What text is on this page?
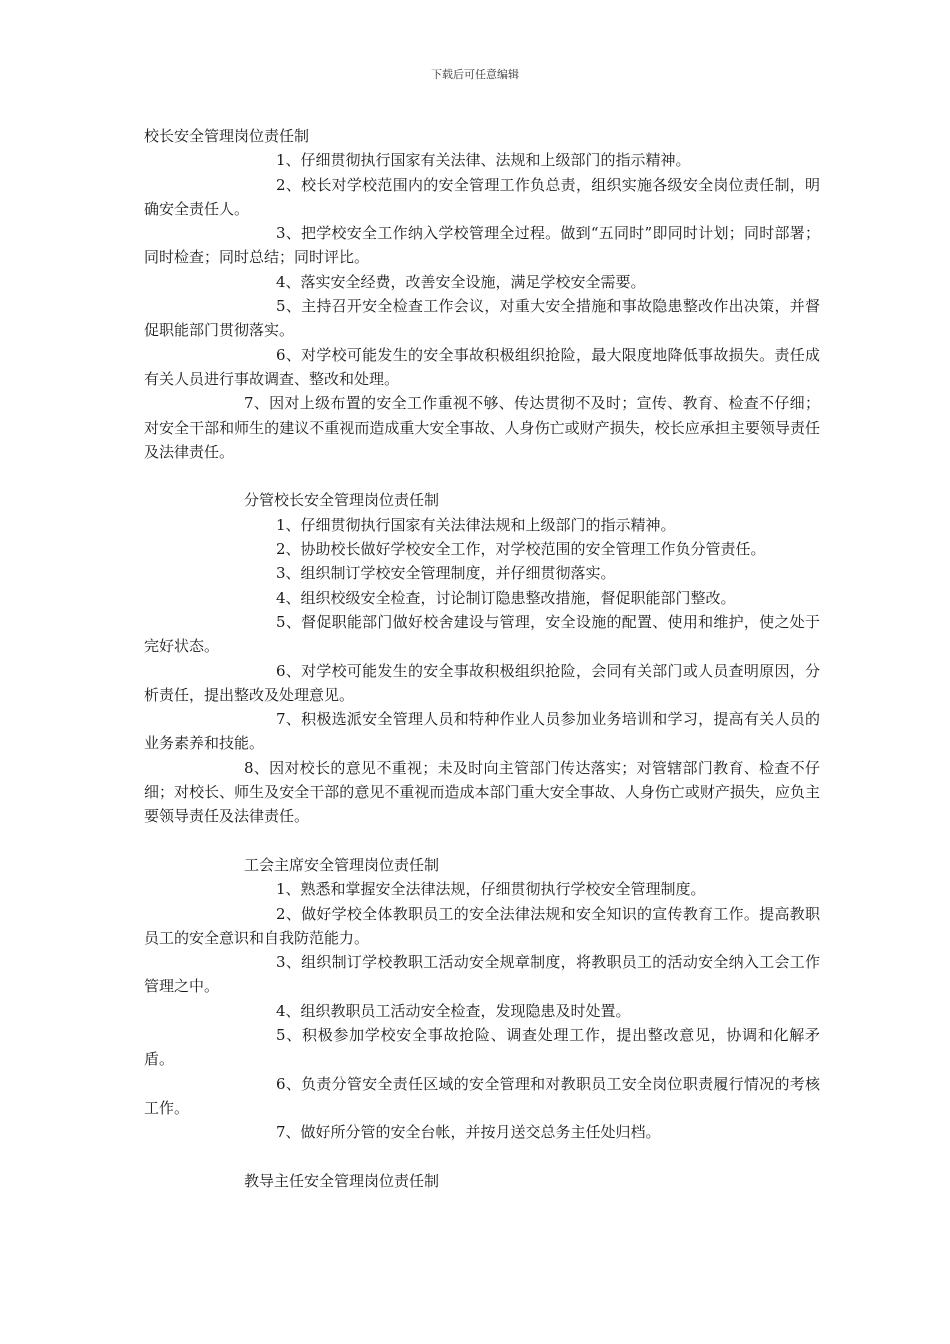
下载后可任意编辑
校长安全管理岗位责任制

1、仔细贯彻执行国家有关法律、法规和上级部门的指示精神。

2、校长对学校范围内的安全管理工作负总责，组织实施各级安全岗位责任制，明确安全责任人。

3、把学校安全工作纳入学校管理全过程。做到“五同时”即同时计划；同时部署；同时检查；同时总结；同时评比。

4、落实安全经费，改善安全设施，满足学校安全需要。

5、主持召开安全检查工作会议，对重大安全措施和事故隐患整改作出决策，并督促职能部门贯彻落实。

6、对学校可能发生的安全事故积极组织抢险，最大限度地降低事故损失。责任成有关人员进行事故调查、整改和处理。

7、因对上级布置的安全工作重视不够、传达贯彻不及时；宣传、教育、检查不仔细；对安全干部和师生的建议不重视而造成重大安全事故、人身伤亡或财产损失，校长应承担主要领导责任及法律责任。

分管校长安全管理岗位责任制

1、仔细贯彻执行国家有关法律法规和上级部门的指示精神。

2、协助校长做好学校安全工作，对学校范围的安全管理工作负分管责任。

3、组织制订学校安全管理制度，并仔细贯彻落实。

4、组织校级安全检查，讨论制订隐患整改措施，督促职能部门整改。

5、督促职能部门做好校舍建设与管理，安全设施的配置、使用和维护，使之处于完好状态。

6、对学校可能发生的安全事故积极组织抢险，会同有关部门或人员查明原因，分析责任，提出整改及处理意见。

7、积极选派安全管理人员和特种作业人员参加业务培训和学习，提高有关人员的业务素养和技能。

8、因对校长的意见不重视；未及时向主管部门传达落实；对管辖部门教育、检查不仔细；对校长、师生及安全干部的意见不重视而造成本部门重大安全事故、人身伤亡或财产损失，应负主要领导责任及法律责任。

工会主席安全管理岗位责任制

1、熟悉和掌握安全法律法规，仔细贯彻执行学校安全管理制度。

2、做好学校全体教职员工的安全法律法规和安全知识的宣传教育工作。提高教职员工的安全意识和自我防范能力。

3、组织制订学校教职工活动安全规章制度，将教职员工的活动安全纳入工会工作管理之中。

4、组织教职员工活动安全检查，发现隐患及时处置。

5、积极参加学校安全事故抢险、调查处理工作，提出整改意见，协调和化解矛盾。

6、负责分管安全责任区域的安全管理和对教职员工安全岗位职责履行情况的考核工作。

7、做好所分管的安全台帐，并按月送交总务主任处归档。

教导主任安全管理岗位责任制
